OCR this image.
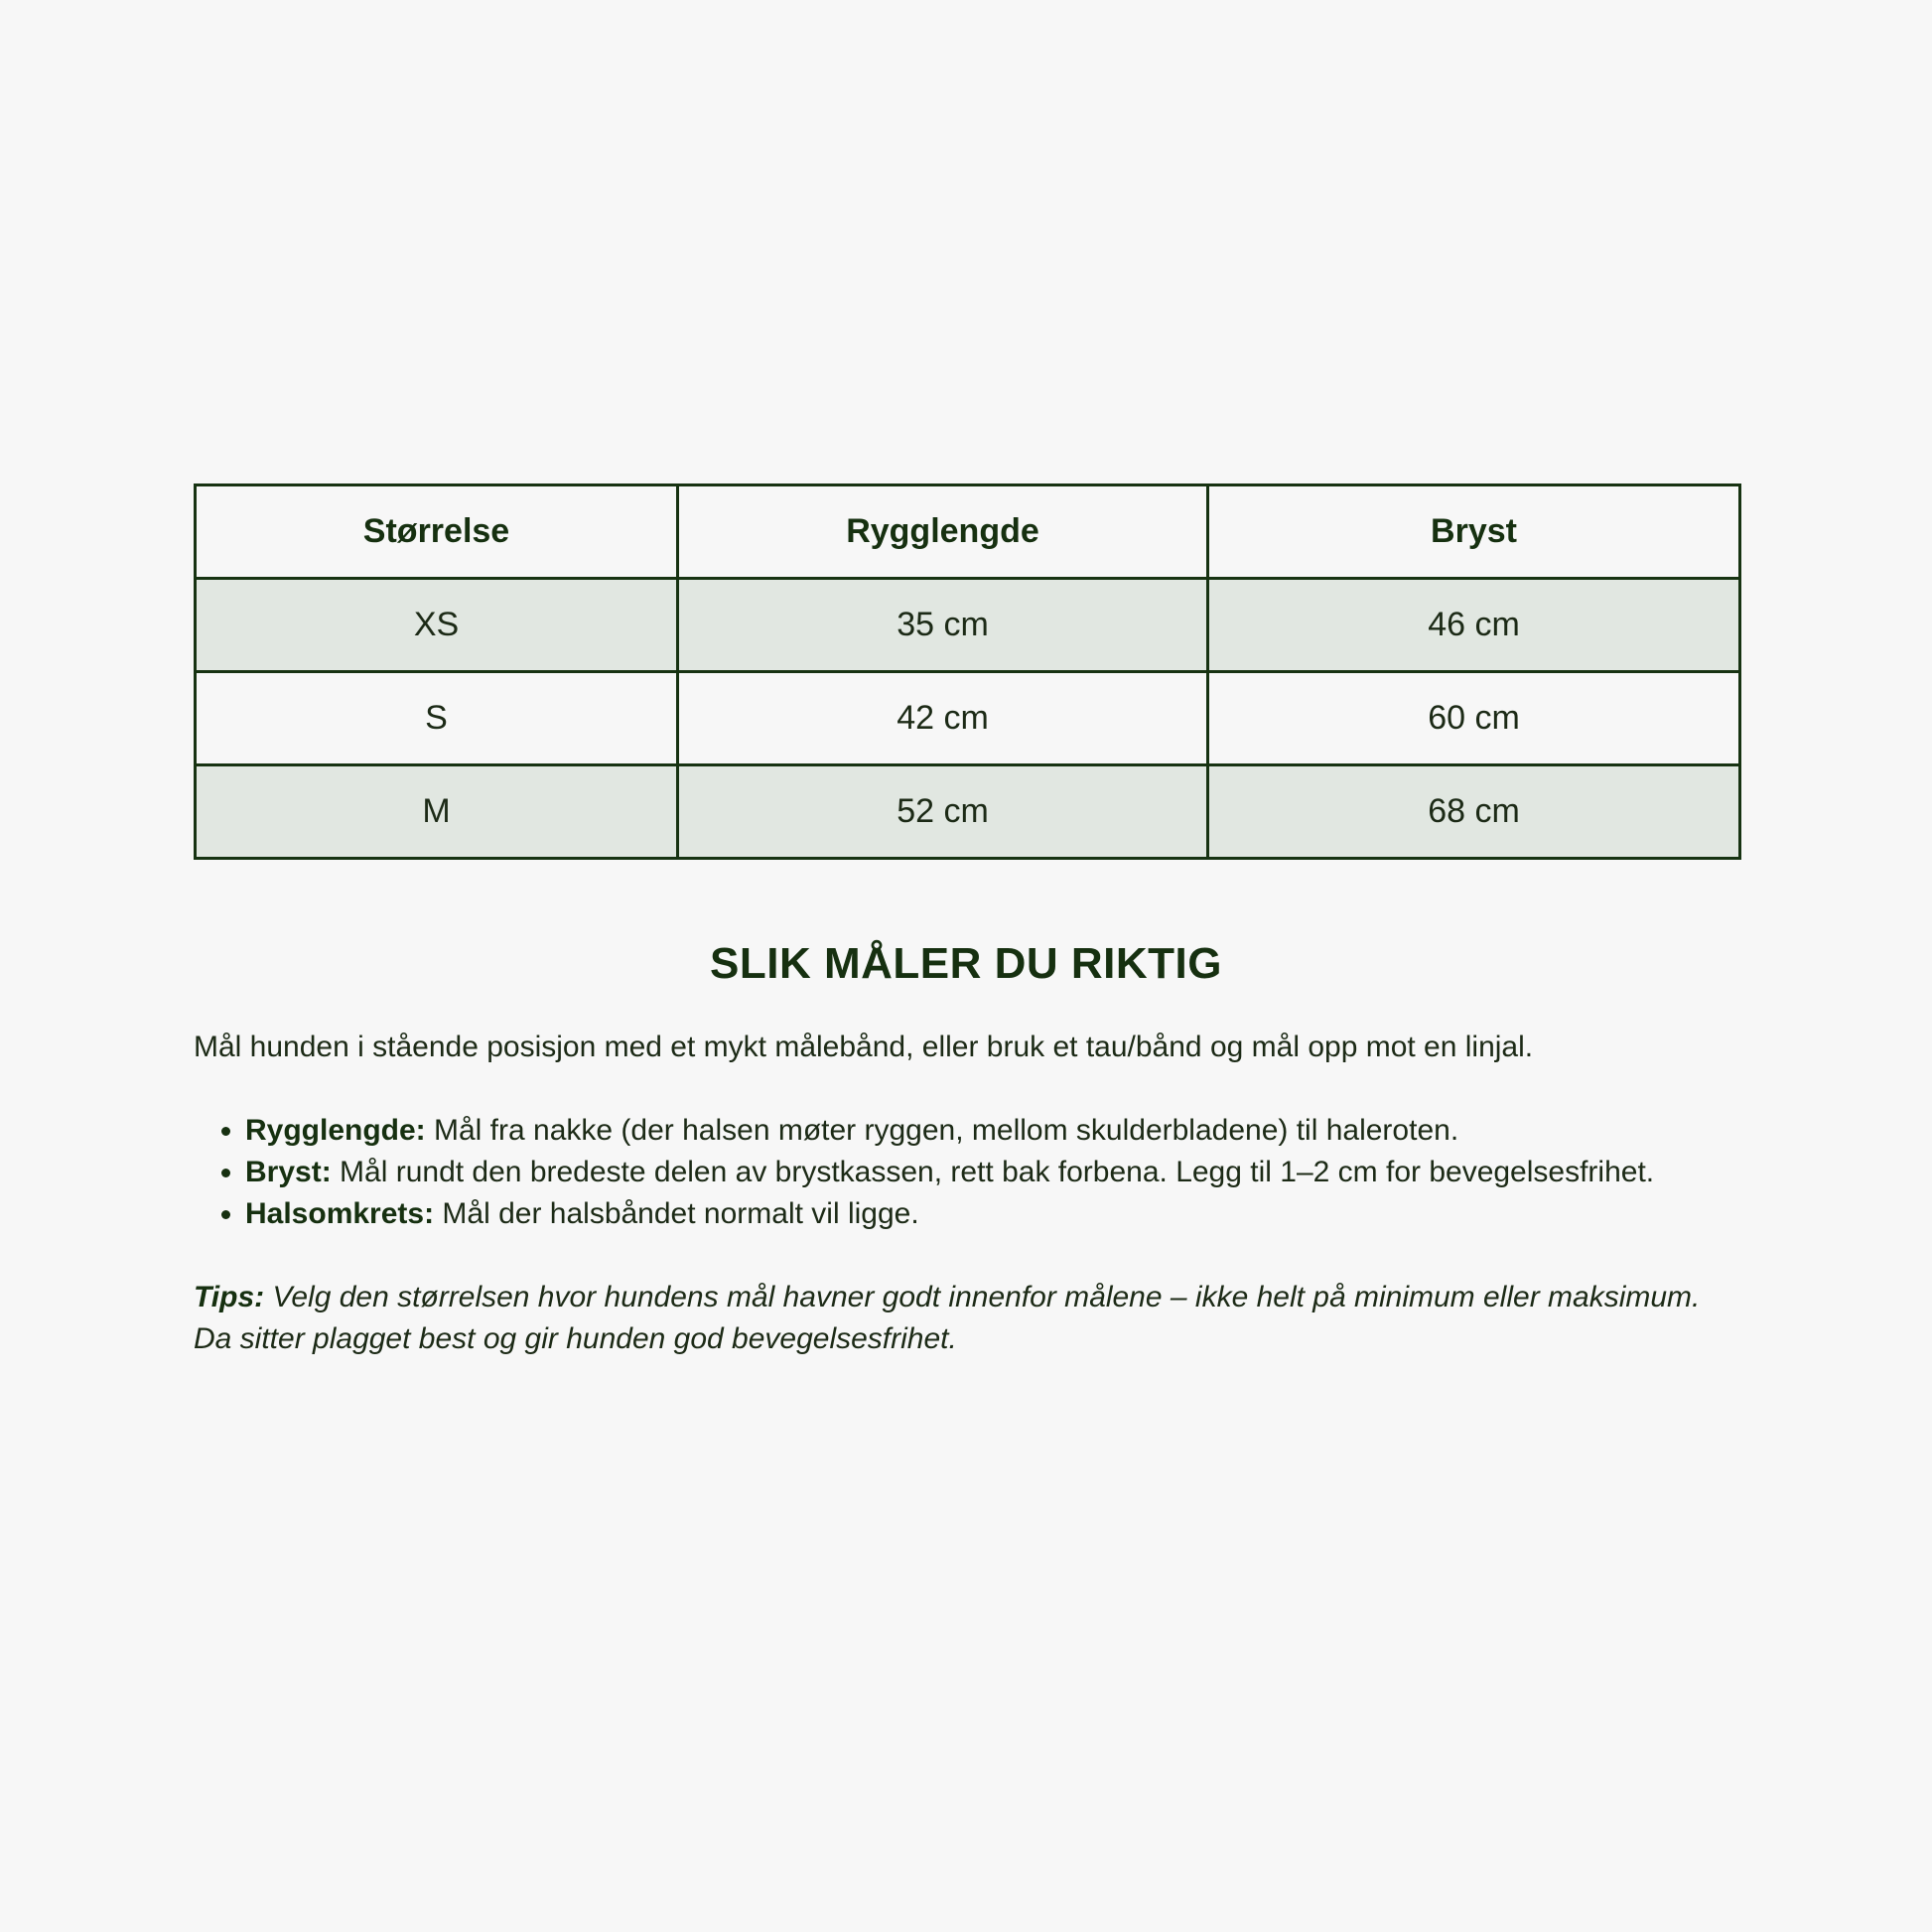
Størrelse	Rygglengde	Bryst
XS	35 cm	46 cm
S	42 cm	60 cm
M	52 cm	68 cm
SLIK MÅLER DU RIKTIG

Mål hunden i stående posisjon med et mykt målebånd, eller bruk et tau/bånd og mål opp mot en linjal.

• Rygglengde: Mål fra nakke (der halsen møter ryggen, mellom skulderbladene) til haleroten.
• Bryst: Mål rundt den bredeste delen av brystkassen, rett bak forbena. Legg til 1–2 cm for bevegelsesfrihet.
• Halsomkrets: Mål der halsbåndet normalt vil ligge.

Tips: Velg den størrelsen hvor hundens mål havner godt innenfor målene – ikke helt på minimum eller maksimum. Da sitter plagget best og gir hunden god bevegelsesfrihet.
